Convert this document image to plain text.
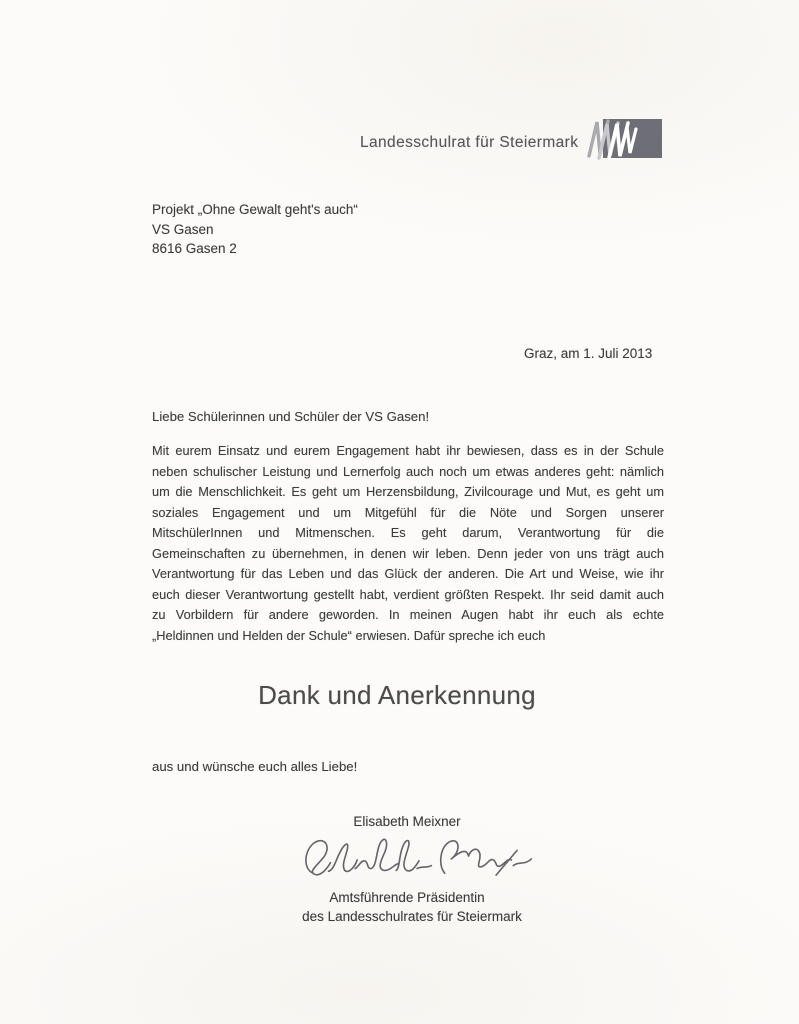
Landesschulrat für Steiermark
Projekt „Ohne Gewalt geht's auch“
VS Gasen
8616 Gasen 2
Graz, am 1. Juli 2013
Liebe Schülerinnen und Schüler der VS Gasen!
Mit eurem Einsatz und eurem Engagement habt ihr bewiesen, dass es in der Schule
neben schulischer Leistung und Lernerfolg auch noch um etwas anderes geht: nämlich
um die Menschlichkeit. Es geht um Herzensbildung, Zivilcourage und Mut, es geht um
soziales Engagement und um Mitgefühl für die Nöte und Sorgen unserer
MitschülerInnen und Mitmenschen. Es geht darum, Verantwortung für die
Gemeinschaften zu übernehmen, in denen wir leben. Denn jeder von uns trägt auch
Verantwortung für das Leben und das Glück der anderen. Die Art und Weise, wie ihr
euch dieser Verantwortung gestellt habt, verdient größten Respekt. Ihr seid damit auch
zu Vorbildern für andere geworden. In meinen Augen habt ihr euch als echte
„Heldinnen und Helden der Schule“ erwiesen. Dafür spreche ich euch
Dank und Anerkennung
aus und wünsche euch alles Liebe!
Elisabeth Meixner
Amtsführende Präsidentin
des Landesschulrates für Steiermark
